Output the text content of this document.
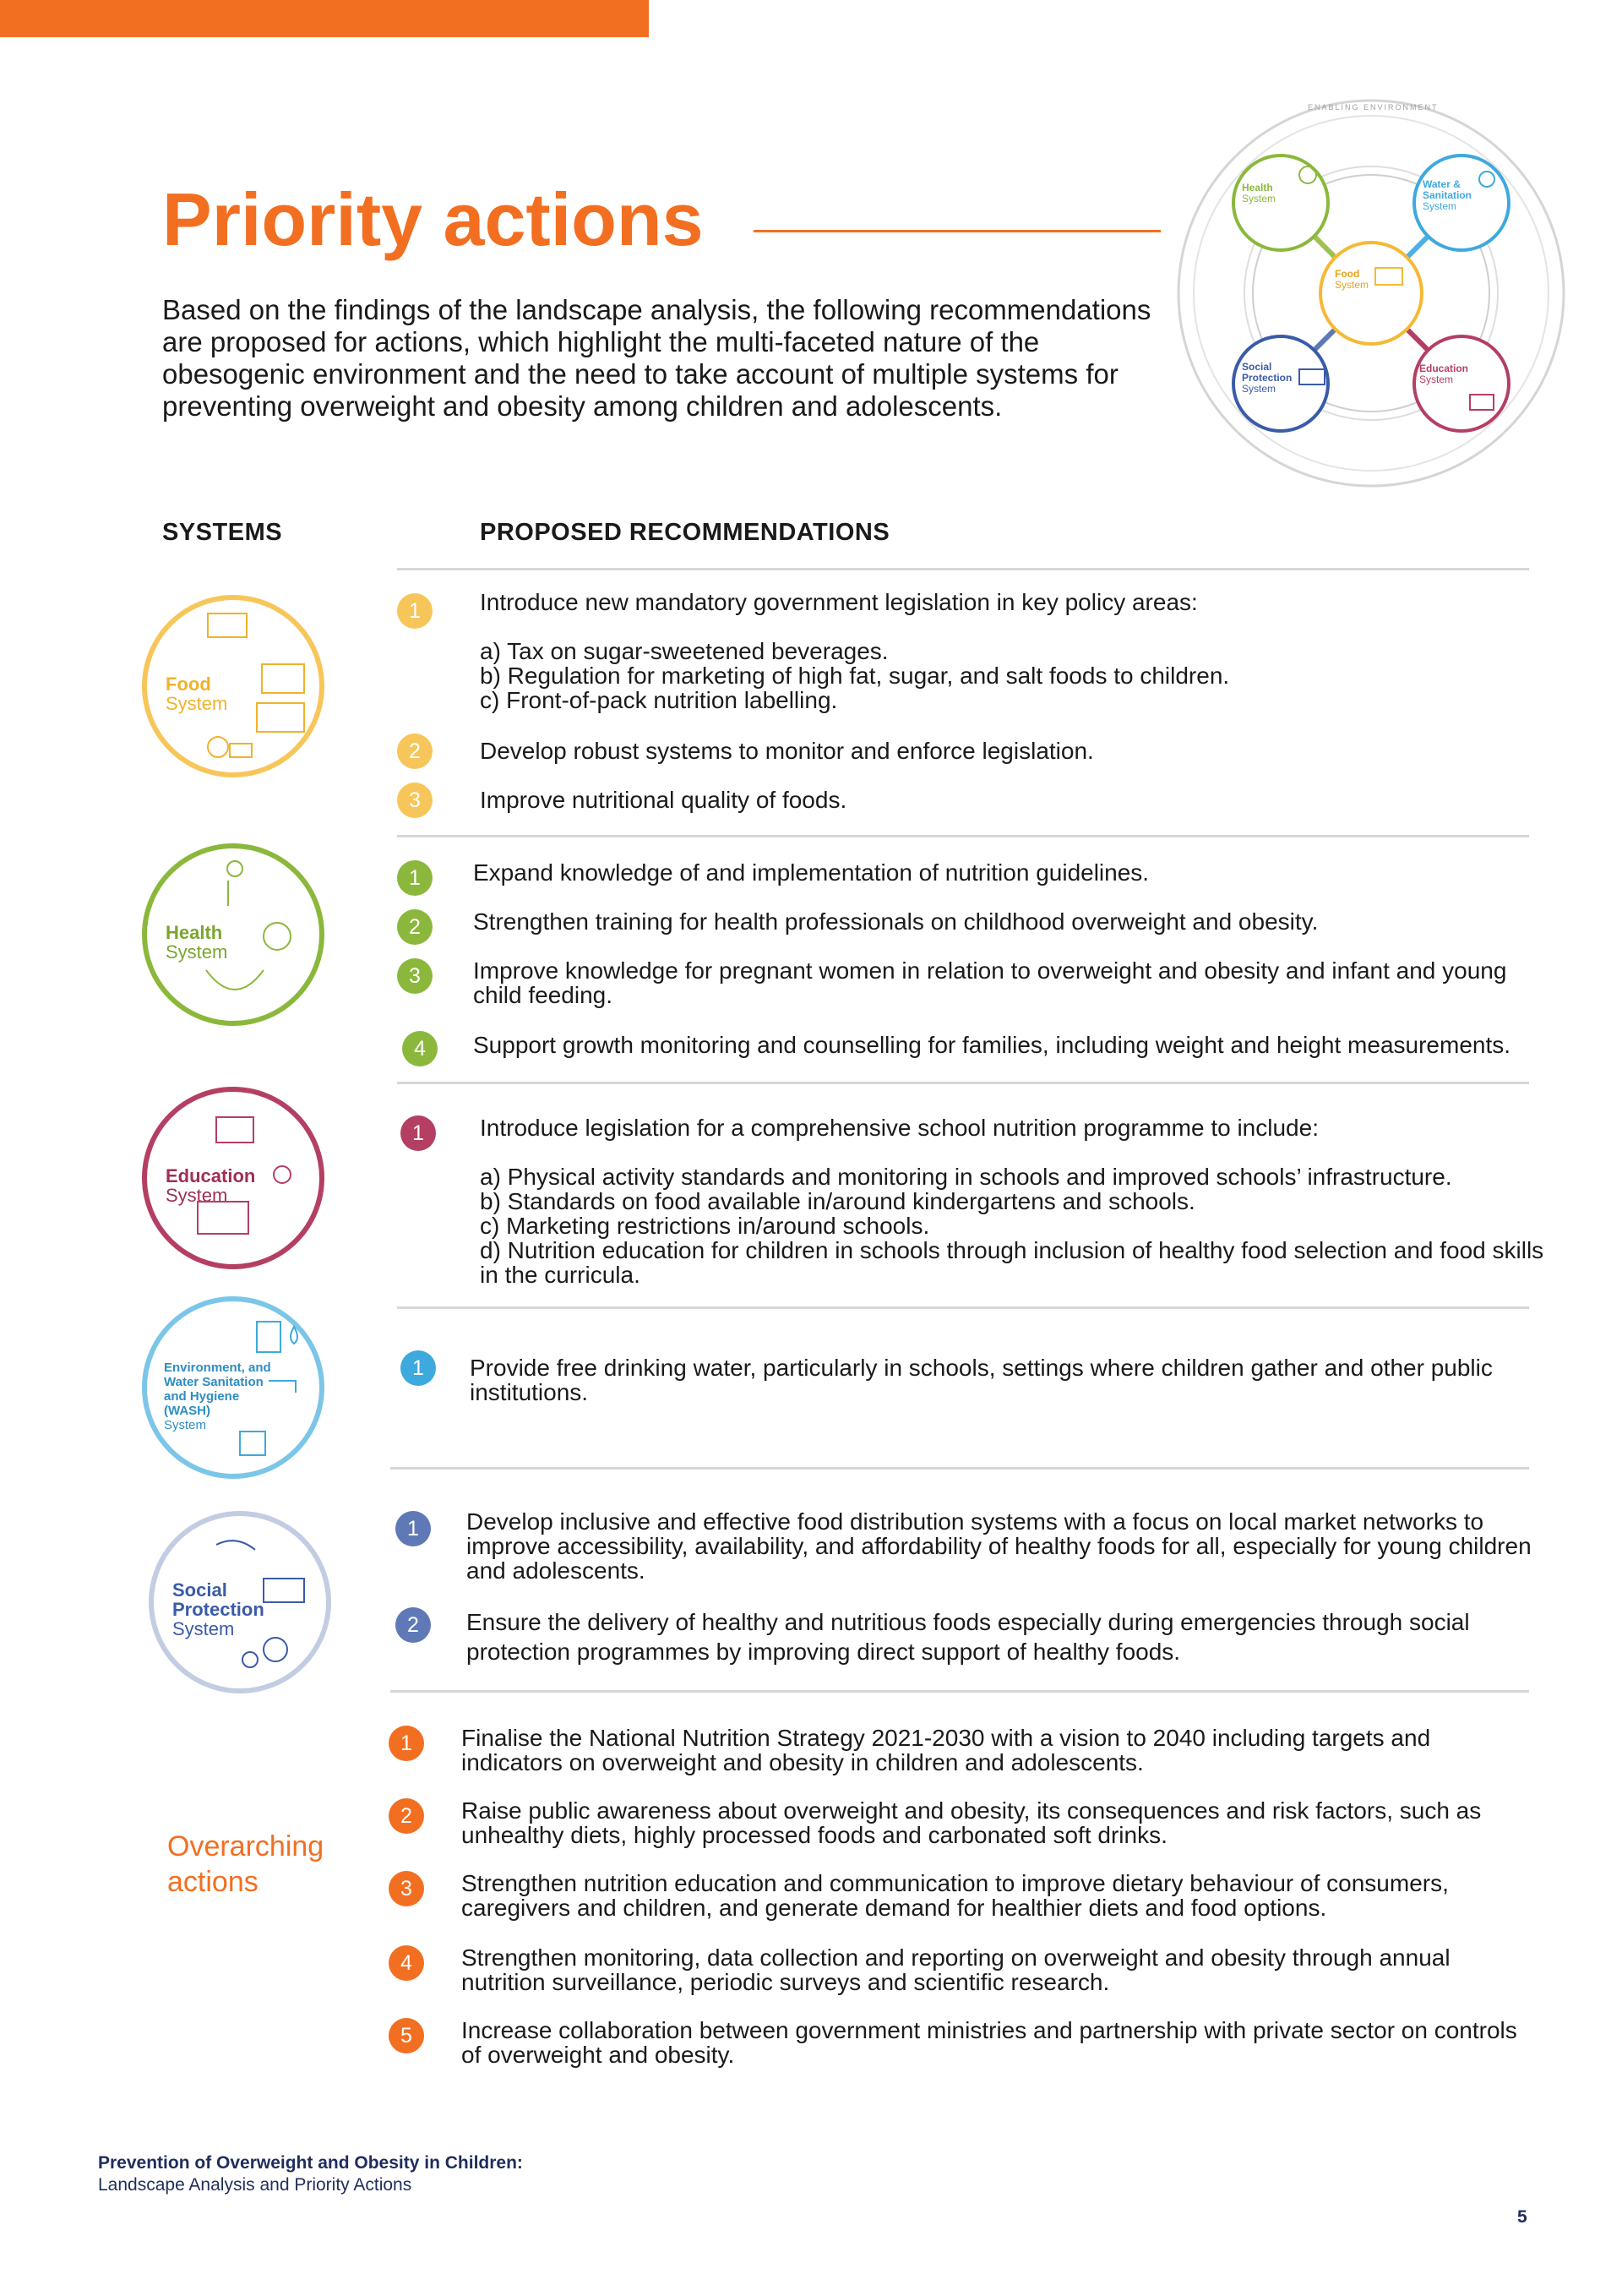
Priority actions
Based on the findings of the landscape analysis, the following recommendations are proposed for actions, which highlight the multi-faceted nature of the obesogenic environment and the need to take account of multiple systems for preventing overweight and obesity among children and adolescents.
Health
System
Water & Sanitation
System
Food
System
Social Protection
System
Education
System
ENABLING ENVIRONMENT
SYSTEMS	PROPOSED RECOMMENDATIONS
Food
System
1	Introduce new mandatory government legislation in key policy areas:

a) Tax on sugar-sweetened beverages.
b) Regulation for marketing of high fat, sugar, and salt foods to children.
c) Front-of-pack nutrition labelling.
2	Develop robust systems to monitor and enforce legislation.
3	Improve nutritional quality of foods.
Health
System
1	Expand knowledge of and implementation of nutrition guidelines.
2	Strengthen training for health professionals on childhood overweight and obesity.
3	Improve knowledge for pregnant women in relation to overweight and obesity and infant and young child feeding.
4	Support growth monitoring and counselling for families, including weight and height measurements.
Education
System
1	Introduce legislation for a comprehensive school nutrition programme to include:

a) Physical activity standards and monitoring in schools and improved schools’ infrastructure.
b) Standards on food available in/around kindergartens and schools.
c) Marketing restrictions in/around schools.
d) Nutrition education for children in schools through inclusion of healthy food selection and food skills in the curricula.
Environment, and Water Sanitation and Hygiene (WASH)
System
1	Provide free drinking water, particularly in schools, settings where children gather and other public institutions.
Social Protection
System
1	Develop inclusive and effective food distribution systems with a focus on local market networks to improve accessibility, availability, and affordability of healthy foods for all, especially for young children and adolescents.
2	Ensure the delivery of healthy and nutritious foods especially during emergencies through social protection programmes by improving direct support of healthy foods.
Overarching actions
1	Finalise the National Nutrition Strategy 2021-2030 with a vision to 2040 including targets and indicators on overweight and obesity in children and adolescents.
2	Raise public awareness about overweight and obesity, its consequences and risk factors, such as unhealthy diets, highly processed foods and carbonated soft drinks.
3	Strengthen nutrition education and communication to improve dietary behaviour of consumers, caregivers and children, and generate demand for healthier diets and food options.
4	Strengthen monitoring, data collection and reporting on overweight and obesity through annual nutrition surveillance, periodic surveys and scientific research.
5	Increase collaboration between government ministries and partnership with private sector on controls of overweight and obesity.
Prevention of Overweight and Obesity in Children:
Landscape Analysis and Priority Actions
5
